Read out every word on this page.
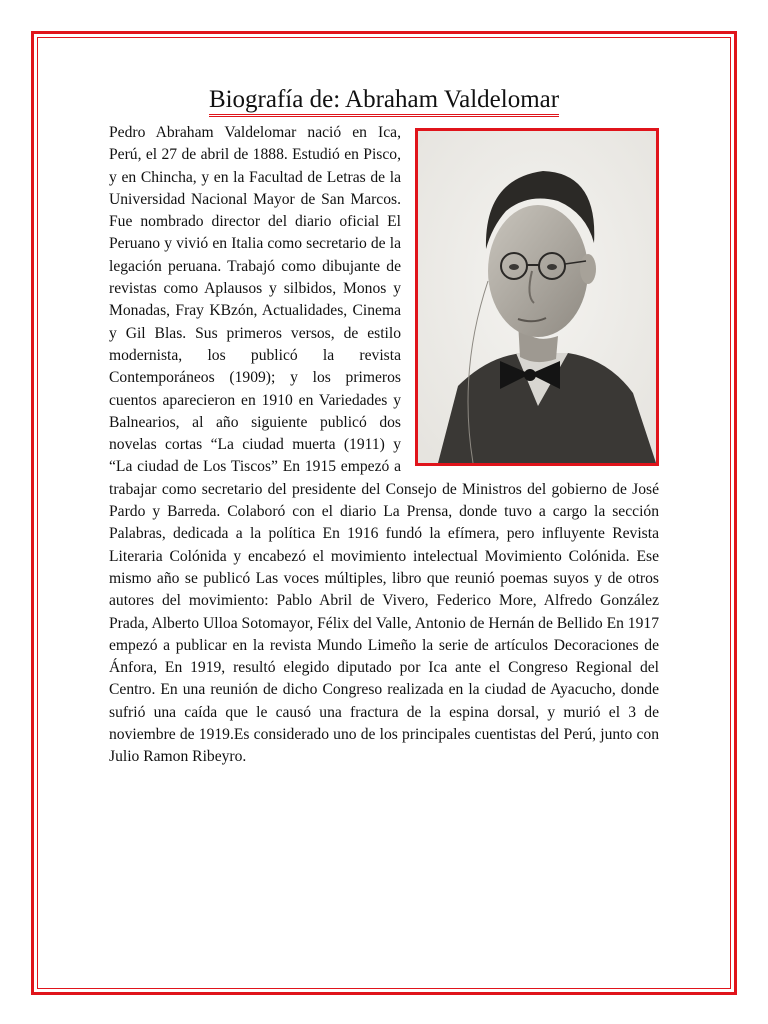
Biografía de: Abraham Valdelomar
Pedro Abraham Valdelomar nació en Ica, Perú, el 27 de abril de 1888. Estudió en Pisco, y en Chincha, y en la Facultad de Letras de la Universidad Nacional Mayor de San Marcos. Fue nombrado director del diario oficial El Peruano y vivió en Italia como secretario de la legación peruana. Trabajó como dibujante de revistas como Aplausos y silbidos, Monos y Monadas, Fray KBzón, Actualidades, Cinema y Gil Blas. Sus primeros versos, de estilo modernista, los publicó la revista Contemporáneos (1909); y los primeros cuentos aparecieron en 1910 en Variedades y Balnearios, al año siguiente publicó dos novelas cortas “La ciudad muerta (1911) y “La ciudad de Los Tiscos” En 1915 empezó a trabajar como secretario del presidente del Consejo de Ministros del gobierno de José Pardo y Barreda. Colaboró con el diario La Prensa, donde tuvo a cargo la sección Palabras, dedicada a la política En 1916 fundó la efímera, pero influyente Revista Literaria Colónida y encabezó el movimiento intelectual Movimiento Colónida. Ese mismo año se publicó Las voces múltiples, libro que reunió poemas suyos y de otros autores del movimiento: Pablo Abril de Vivero, Federico More, Alfredo González Prada, Alberto Ulloa Sotomayor, Félix del Valle, Antonio de Hernán de Bellido En 1917 empezó a publicar en la revista Mundo Limeño la serie de artículos Decoraciones de Ánfora, En 1919, resultó elegido diputado por Ica ante el Congreso Regional del Centro. En una reunión de dicho Congreso realizada en la ciudad de Ayacucho, donde sufrió una caída que le causó una fractura de la espina dorsal, y murió el 3 de noviembre de 1919.Es considerado uno de los principales cuentistas del Perú, junto con Julio Ramon Ribeyro.
